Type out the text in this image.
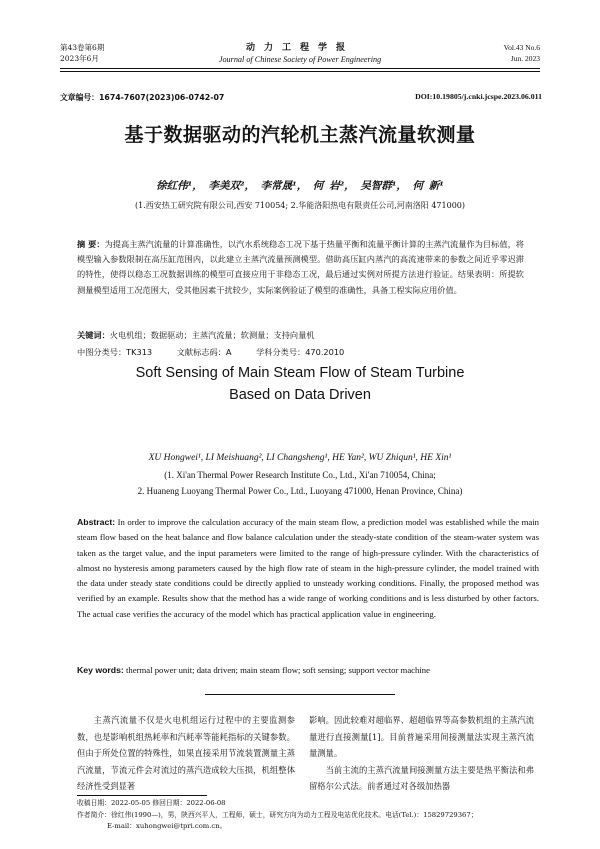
第43卷第6期
2023年6月
动力工程学报
Journal of Chinese Society of Power Engineering
Vol.43 No.6
Jun. 2023
文章编号：1674-7607(2023)06-0742-07	DOI:10.19805/j.cnki.jcspe.2023.06.011
基于数据驱动的汽轮机主蒸汽流量软测量
徐红伟¹， 李美双²， 李常晟¹， 何 岩²， 吴智群¹， 何 新¹
(1.西安热工研究院有限公司,西安 710054; 2.华能洛阳热电有限责任公司,河南洛阳 471000)
摘 要：为提高主蒸汽流量的计算准确性，以汽水系统稳态工况下基于热量平衡和流量平衡计算的主蒸汽流量作为目标值，将模型输入参数限制在高压缸范围内，以此建立主蒸汽流量预测模型。借助高压缸内蒸汽的高流速带来的参数之间近乎零迟滞的特性，使得以稳态工况数据训练的模型可直接应用于非稳态工况，最后通过实例对所提方法进行验证。结果表明：所提软测量模型适用工况范围大，受其他因素干扰较少，实际案例验证了模型的准确性，具备工程实际应用价值。
关键词：火电机组；数据驱动；主蒸汽流量；软测量；支持向量机
中图分类号：TK313	文献标志码：A	学科分类号：470.2010
Soft Sensing of Main Steam Flow of Steam Turbine
Based on Data Driven
XU Hongwei¹, LI Meishuang², LI Changsheng¹, HE Yan², WU Zhiqun¹, HE Xin¹
(1. Xi'an Thermal Power Research Institute Co., Ltd., Xi'an 710054, China;
2. Huaneng Luoyang Thermal Power Co., Ltd., Luoyang 471000, Henan Province, China)
Abstract: In order to improve the calculation accuracy of the main steam flow, a prediction model was established while the main steam flow based on the heat balance and flow balance calculation under the steady-state condition of the steam-water system was taken as the target value, and the input parameters were limited to the range of high-pressure cylinder. With the characteristics of almost no hysteresis among parameters caused by the high flow rate of steam in the high-pressure cylinder, the model trained with the data under steady state conditions could be directly applied to unsteady working conditions. Finally, the proposed method was verified by an example. Results show that the method has a wide range of working conditions and is less disturbed by other factors. The actual case verifies the accuracy of the model which has practical application value in engineering.
Key words: thermal power unit; data driven; main steam flow; soft sensing; support vector machine
主蒸汽流量不仅是火电机组运行过程中的主要监测参数，也是影响机组热耗率和汽耗率等能耗指标的关键参数。但由于所处位置的特殊性，如果直接采用节流装置测量主蒸汽流量，节流元件会对流过的蒸汽造成较大压损，机组整体经济性受到显著

影响。因此较难对超临界、超超临界等高参数机组的主蒸汽流量进行直接测量[1]。目前普遍采用间接测量法实现主蒸汽流量测量。

当前主流的主蒸汽流量间接测量方法主要是热平衡法和弗留格尔公式法。前者通过对各级加热器

收稿日期：2022-05-05 修回日期：2022-06-08
作者简介：徐红伟(1990—)，男，陕西兴平人，工程师，硕士，研究方向为动力工程及电站优化技术。电话(Tel.)：15829729367；
E-mail：xuhongwei@tpri.com.cn。
